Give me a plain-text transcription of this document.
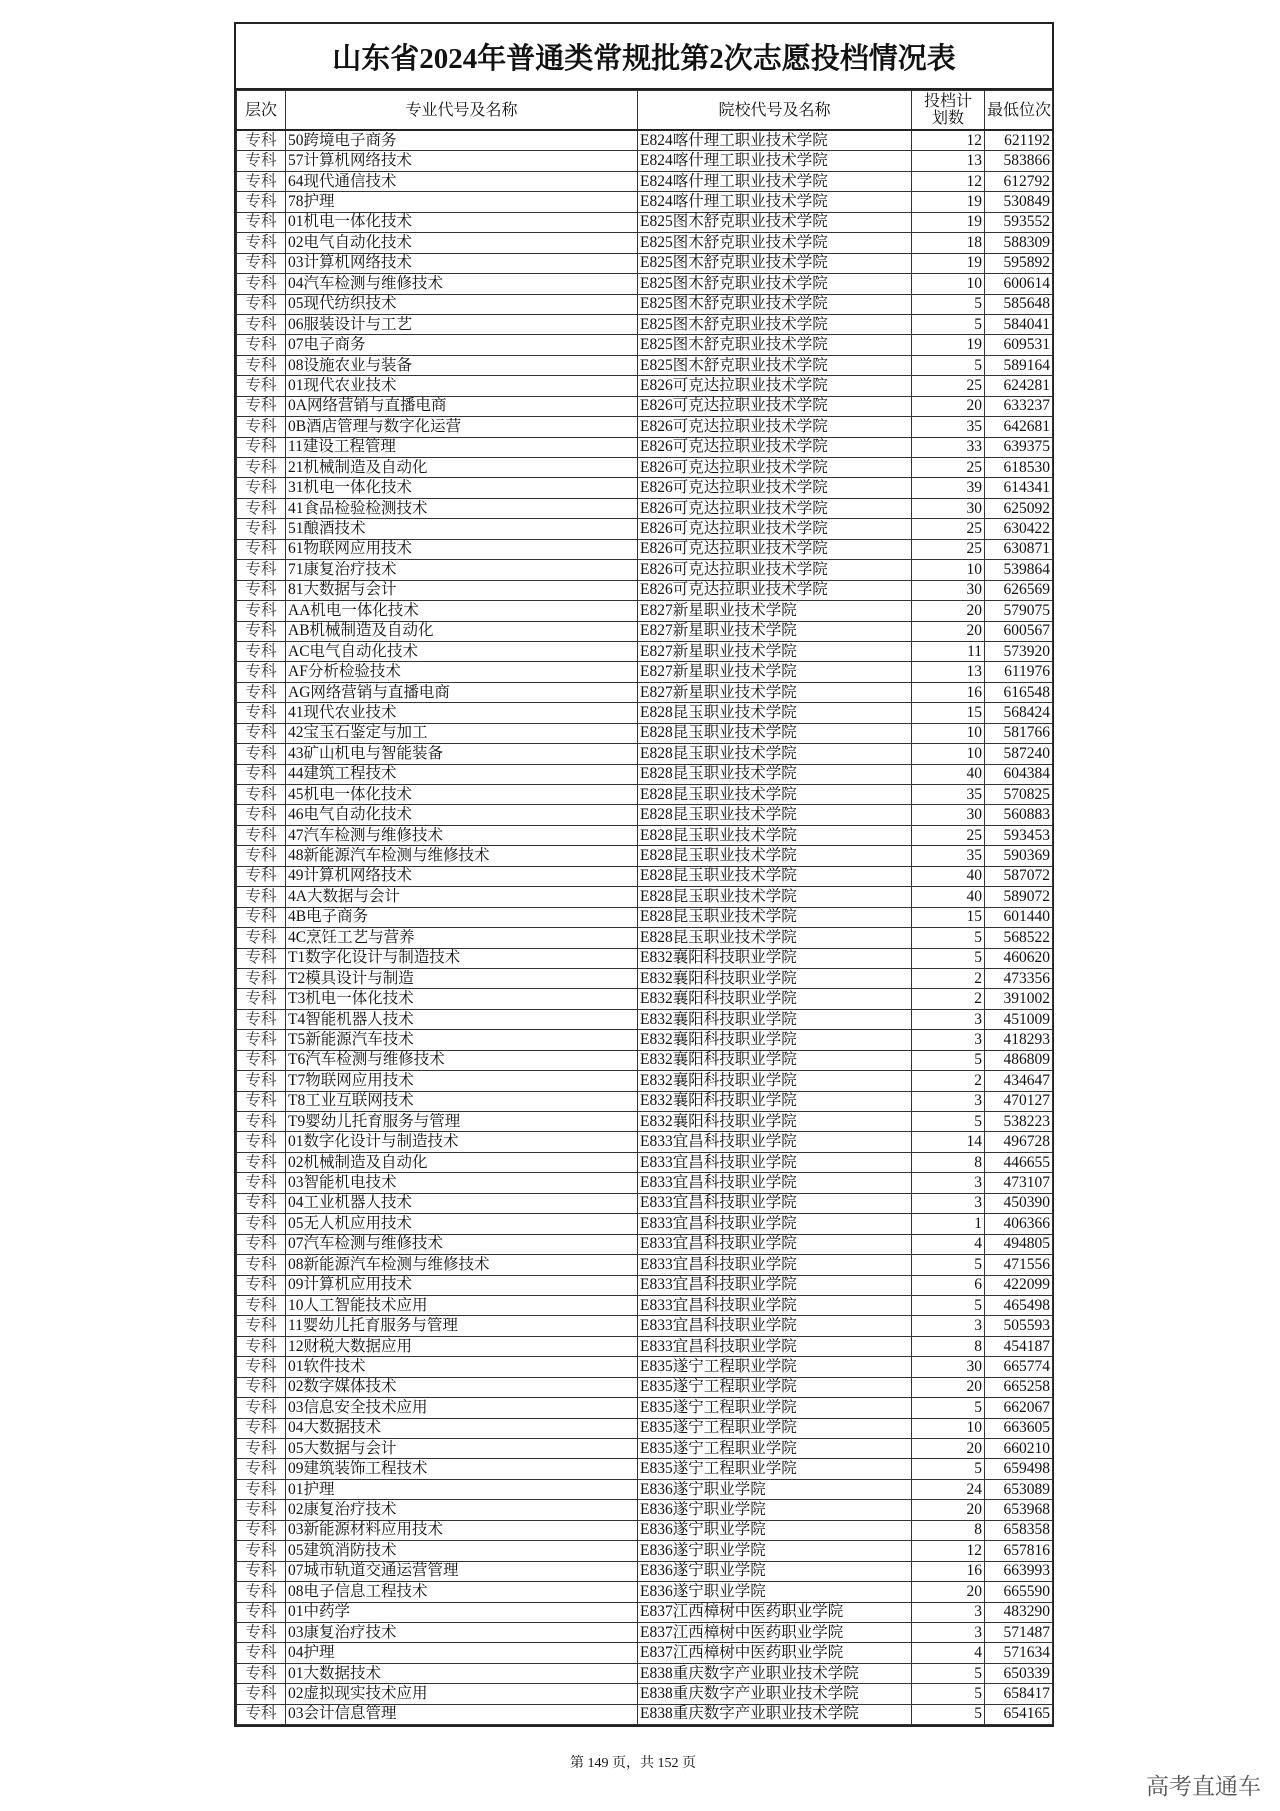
山东省2024年普通类常规批第2次志愿投档情况表
层次	专业代号及名称	院校代号及名称	投档计划数	最低位次
专科	50跨境电子商务	E824喀什理工职业技术学院	12	621192
专科	57计算机网络技术	E824喀什理工职业技术学院	13	583866
专科	64现代通信技术	E824喀什理工职业技术学院	12	612792
专科	78护理	E824喀什理工职业技术学院	19	530849
专科	01机电一体化技术	E825图木舒克职业技术学院	19	593552
专科	02电气自动化技术	E825图木舒克职业技术学院	18	588309
专科	03计算机网络技术	E825图木舒克职业技术学院	19	595892
专科	04汽车检测与维修技术	E825图木舒克职业技术学院	10	600614
专科	05现代纺织技术	E825图木舒克职业技术学院	5	585648
专科	06服装设计与工艺	E825图木舒克职业技术学院	5	584041
专科	07电子商务	E825图木舒克职业技术学院	19	609531
专科	08设施农业与装备	E825图木舒克职业技术学院	5	589164
专科	01现代农业技术	E826可克达拉职业技术学院	25	624281
专科	0A网络营销与直播电商	E826可克达拉职业技术学院	20	633237
专科	0B酒店管理与数字化运营	E826可克达拉职业技术学院	35	642681
专科	11建设工程管理	E826可克达拉职业技术学院	33	639375
专科	21机械制造及自动化	E826可克达拉职业技术学院	25	618530
专科	31机电一体化技术	E826可克达拉职业技术学院	39	614341
专科	41食品检验检测技术	E826可克达拉职业技术学院	30	625092
专科	51酿酒技术	E826可克达拉职业技术学院	25	630422
专科	61物联网应用技术	E826可克达拉职业技术学院	25	630871
专科	71康复治疗技术	E826可克达拉职业技术学院	10	539864
专科	81大数据与会计	E826可克达拉职业技术学院	30	626569
专科	AA机电一体化技术	E827新星职业技术学院	20	579075
专科	AB机械制造及自动化	E827新星职业技术学院	20	600567
专科	AC电气自动化技术	E827新星职业技术学院	11	573920
专科	AF分析检验技术	E827新星职业技术学院	13	611976
专科	AG网络营销与直播电商	E827新星职业技术学院	16	616548
专科	41现代农业技术	E828昆玉职业技术学院	15	568424
专科	42宝玉石鉴定与加工	E828昆玉职业技术学院	10	581766
专科	43矿山机电与智能装备	E828昆玉职业技术学院	10	587240
专科	44建筑工程技术	E828昆玉职业技术学院	40	604384
专科	45机电一体化技术	E828昆玉职业技术学院	35	570825
专科	46电气自动化技术	E828昆玉职业技术学院	30	560883
专科	47汽车检测与维修技术	E828昆玉职业技术学院	25	593453
专科	48新能源汽车检测与维修技术	E828昆玉职业技术学院	35	590369
专科	49计算机网络技术	E828昆玉职业技术学院	40	587072
专科	4A大数据与会计	E828昆玉职业技术学院	40	589072
专科	4B电子商务	E828昆玉职业技术学院	15	601440
专科	4C烹饪工艺与营养	E828昆玉职业技术学院	5	568522
专科	T1数字化设计与制造技术	E832襄阳科技职业学院	5	460620
专科	T2模具设计与制造	E832襄阳科技职业学院	2	473356
专科	T3机电一体化技术	E832襄阳科技职业学院	2	391002
专科	T4智能机器人技术	E832襄阳科技职业学院	3	451009
专科	T5新能源汽车技术	E832襄阳科技职业学院	3	418293
专科	T6汽车检测与维修技术	E832襄阳科技职业学院	5	486809
专科	T7物联网应用技术	E832襄阳科技职业学院	2	434647
专科	T8工业互联网技术	E832襄阳科技职业学院	3	470127
专科	T9婴幼儿托育服务与管理	E832襄阳科技职业学院	5	538223
专科	01数字化设计与制造技术	E833宜昌科技职业学院	14	496728
专科	02机械制造及自动化	E833宜昌科技职业学院	8	446655
专科	03智能机电技术	E833宜昌科技职业学院	3	473107
专科	04工业机器人技术	E833宜昌科技职业学院	3	450390
专科	05无人机应用技术	E833宜昌科技职业学院	1	406366
专科	07汽车检测与维修技术	E833宜昌科技职业学院	4	494805
专科	08新能源汽车检测与维修技术	E833宜昌科技职业学院	5	471556
专科	09计算机应用技术	E833宜昌科技职业学院	6	422099
专科	10人工智能技术应用	E833宜昌科技职业学院	5	465498
专科	11婴幼儿托育服务与管理	E833宜昌科技职业学院	3	505593
专科	12财税大数据应用	E833宜昌科技职业学院	8	454187
专科	01软件技术	E835遂宁工程职业学院	30	665774
专科	02数字媒体技术	E835遂宁工程职业学院	20	665258
专科	03信息安全技术应用	E835遂宁工程职业学院	5	662067
专科	04大数据技术	E835遂宁工程职业学院	10	663605
专科	05大数据与会计	E835遂宁工程职业学院	20	660210
专科	09建筑装饰工程技术	E835遂宁工程职业学院	5	659498
专科	01护理	E836遂宁职业学院	24	653089
专科	02康复治疗技术	E836遂宁职业学院	20	653968
专科	03新能源材料应用技术	E836遂宁职业学院	8	658358
专科	05建筑消防技术	E836遂宁职业学院	12	657816
专科	07城市轨道交通运营管理	E836遂宁职业学院	16	663993
专科	08电子信息工程技术	E836遂宁职业学院	20	665590
专科	01中药学	E837江西樟树中医药职业学院	3	483290
专科	03康复治疗技术	E837江西樟树中医药职业学院	3	571487
专科	04护理	E837江西樟树中医药职业学院	4	571634
专科	01大数据技术	E838重庆数字产业职业技术学院	5	650339
专科	02虚拟现实技术应用	E838重庆数字产业职业技术学院	5	658417
专科	03会计信息管理	E838重庆数字产业职业技术学院	5	654165
第 149 页，共 152 页
高考直通车
